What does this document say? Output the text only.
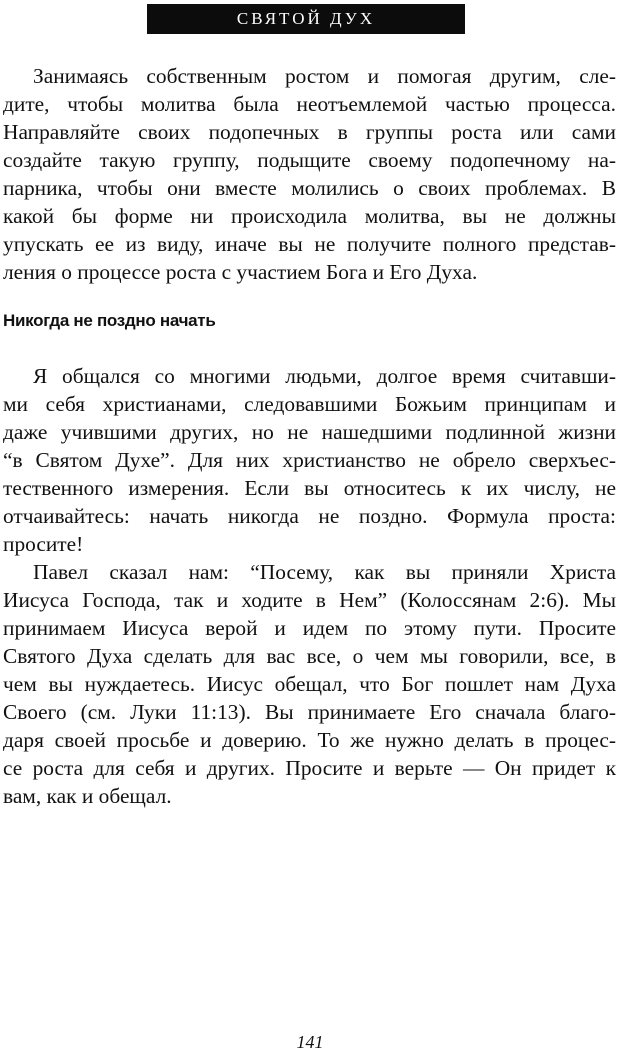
СВЯТОЙ ДУХ
Занимаясь собственным ростом и помогая другим, сле-
дите, чтобы молитва была неотъемлемой частью процесса.
Направляйте своих подопечных в группы роста или сами
создайте такую группу, подыщите своему подопечному на-
парника, чтобы они вместе молились о своих проблемах. В
какой бы форме ни происходила молитва, вы не должны
упускать ее из виду, иначе вы не получите полного представ-
ления о процессе роста с участием Бога и Его Духа.
Никогда не поздно начать
Я общался со многими людьми, долгое время считавши-
ми себя христианами, следовавшими Божьим принципам и
даже учившими других, но не нашедшими подлинной жизни
“в Святом Духе”. Для них христианство не обрело сверхъес-
тественного измерения. Если вы относитесь к их числу, не
отчаивайтесь: начать никогда не поздно. Формула проста:
просите!
Павел сказал нам: “Посему, как вы приняли Христа
Иисуса Господа, так и ходите в Нем” (Колоссянам 2:6). Мы
принимаем Иисуса верой и идем по этому пути. Просите
Святого Духа сделать для вас все, о чем мы говорили, все, в
чем вы нуждаетесь. Иисус обещал, что Бог пошлет нам Духа
Своего (см. Луки 11:13). Вы принимаете Его сначала благо-
даря своей просьбе и доверию. То же нужно делать в процес-
се роста для себя и других. Просите и верьте — Он придет к
вам, как и обещал.
141
